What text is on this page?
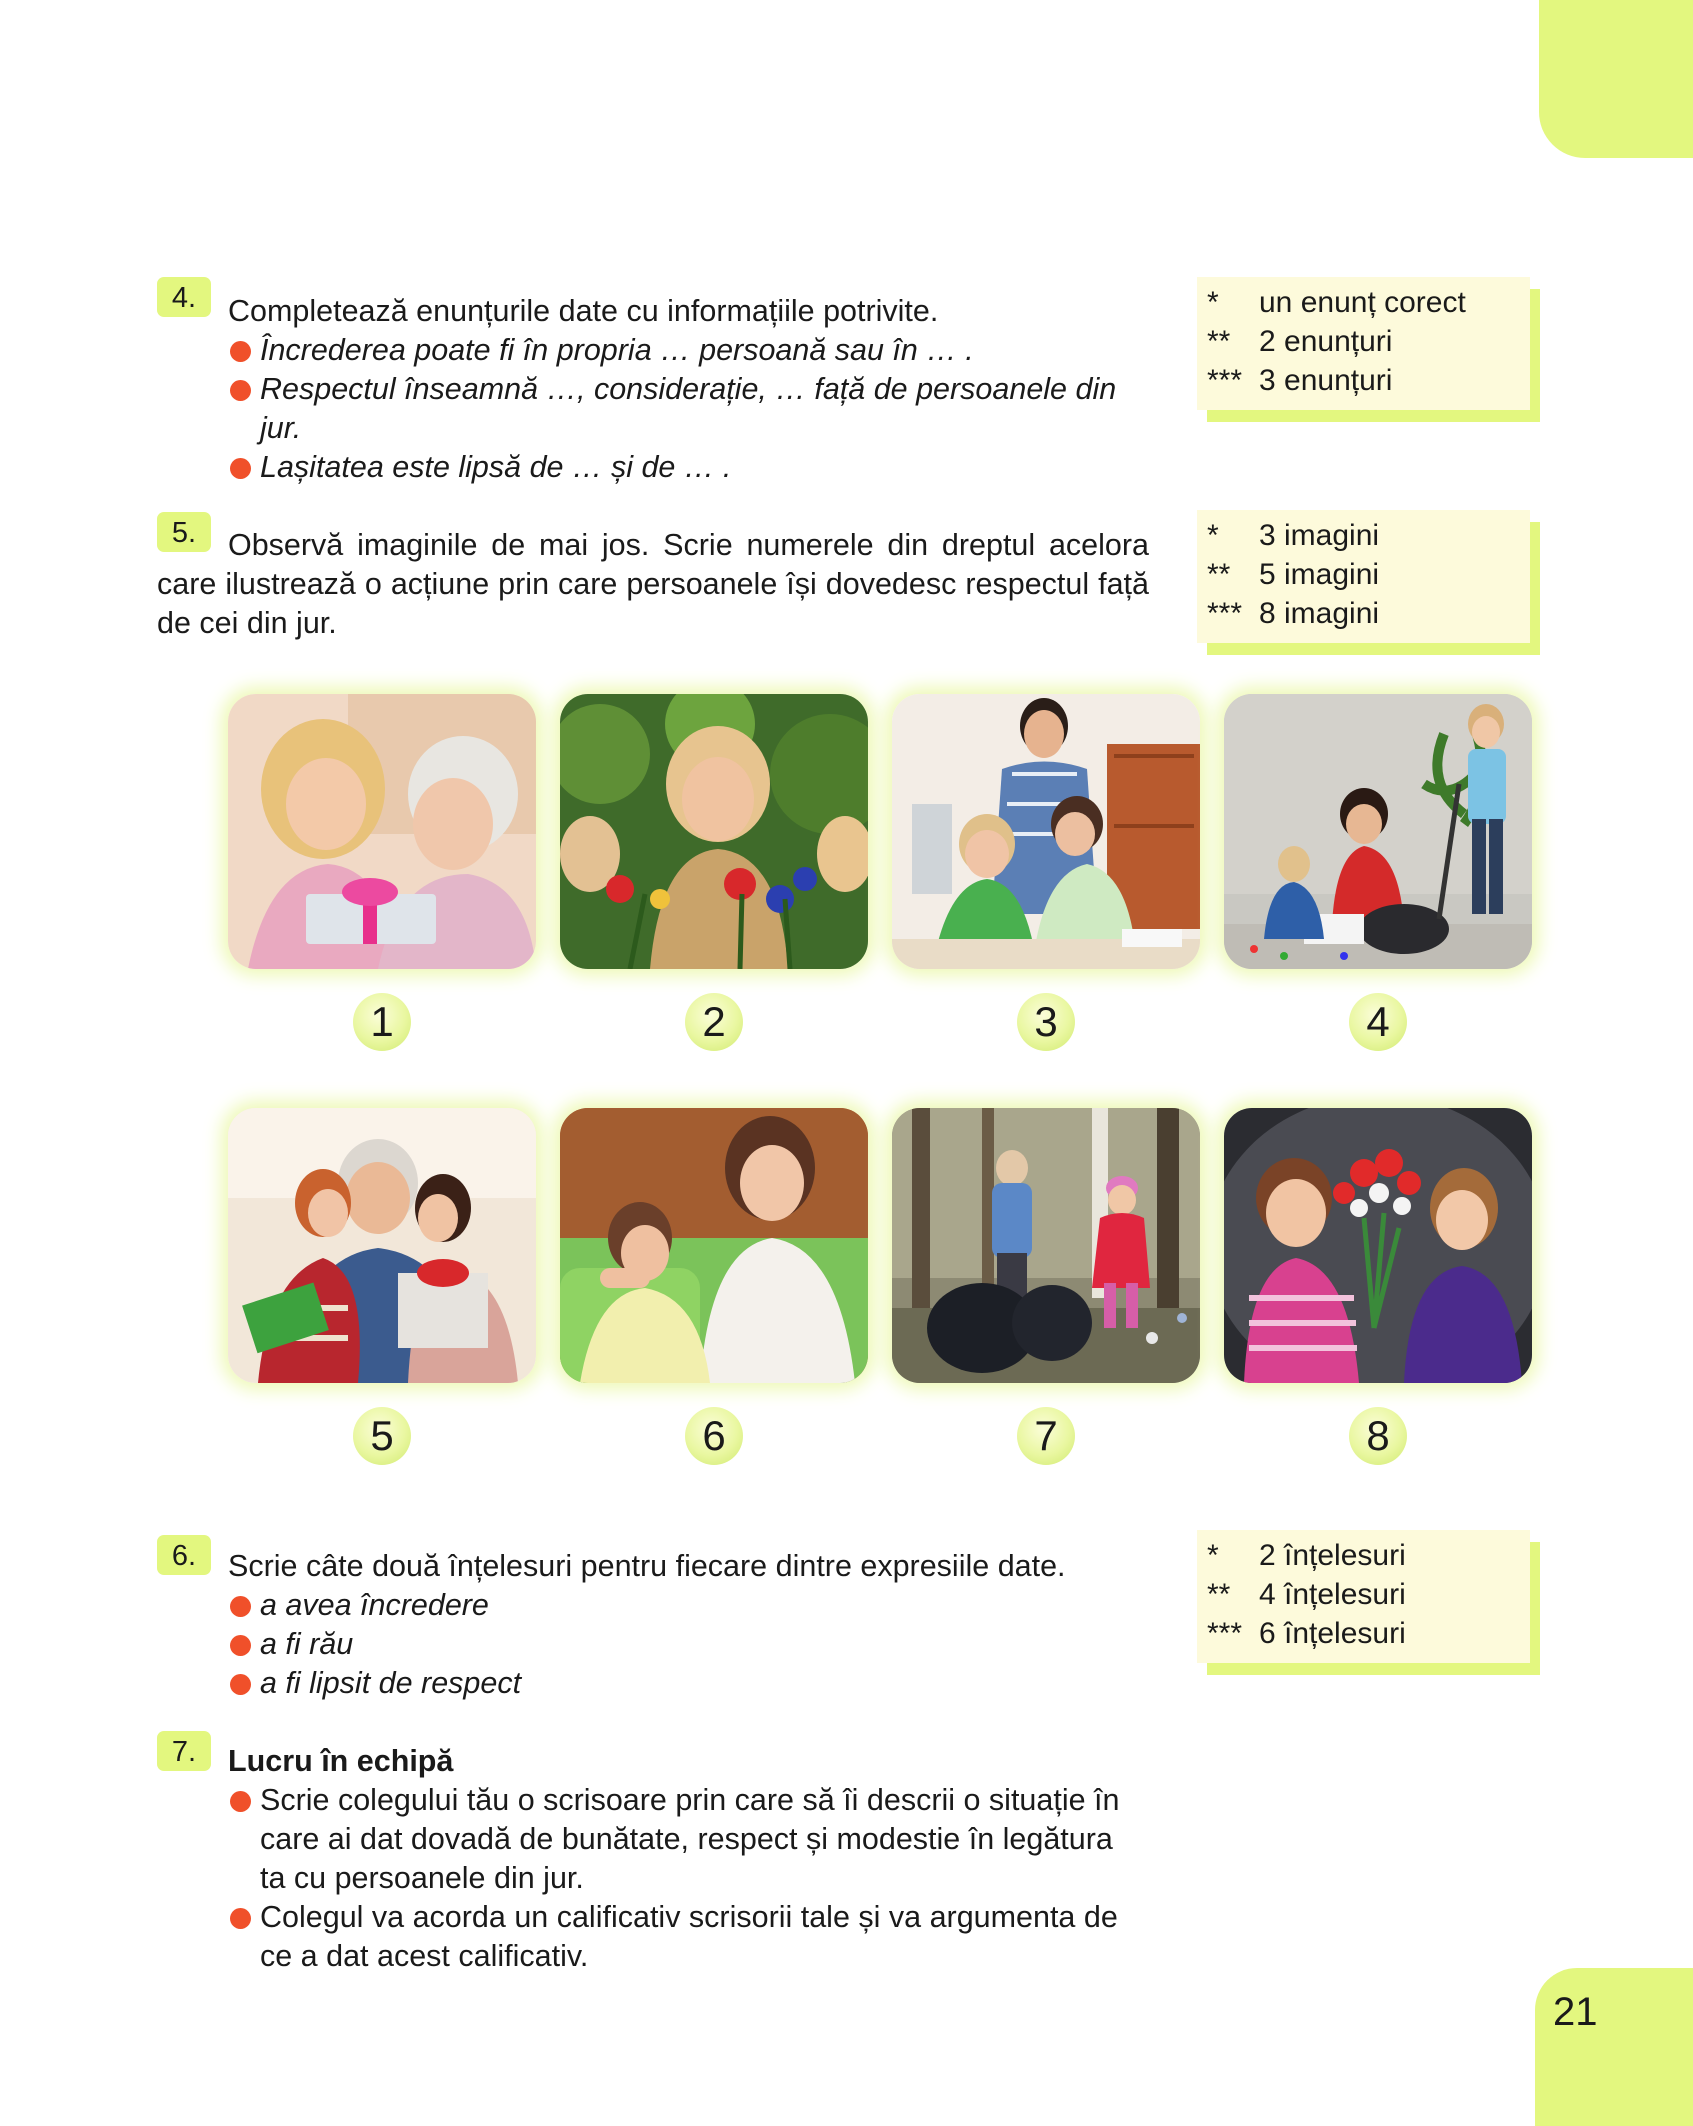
4.	Completează enunțurile date cu informațiile potrivite.
Încrederea poate fi în propria … persoană sau în … .
Respectul înseamnă …, considerație, … față de persoanele din jur.
Lașitatea este lipsă de … și de … .
*	un enunț corect
** 2 enunțuri
*** 3 enunțuri
5.	Observă imaginile de mai jos. Scrie numerele din dreptul acelora care ilustrează o acțiune prin care persoanele își dovedesc respectul față de cei din jur.
*	3 imagini
** 5 imagini
*** 8 imagini
1	2	3	4
5	6	7	8
6.	Scrie câte două înțelesuri pentru fiecare dintre expresiile date.
a avea încredere
a fi rău
a fi lipsit de respect
*	2 înțelesuri
** 4 înțelesuri
*** 6 înțelesuri
7.	Lucru în echipă
Scrie colegului tău o scrisoare prin care să îi descrii o situație în care ai dat dovadă de bunătate, respect și modestie în legătura ta cu persoanele din jur.
Colegul va acorda un calificativ scrisorii tale și va argumenta de ce a dat acest calificativ.
21
